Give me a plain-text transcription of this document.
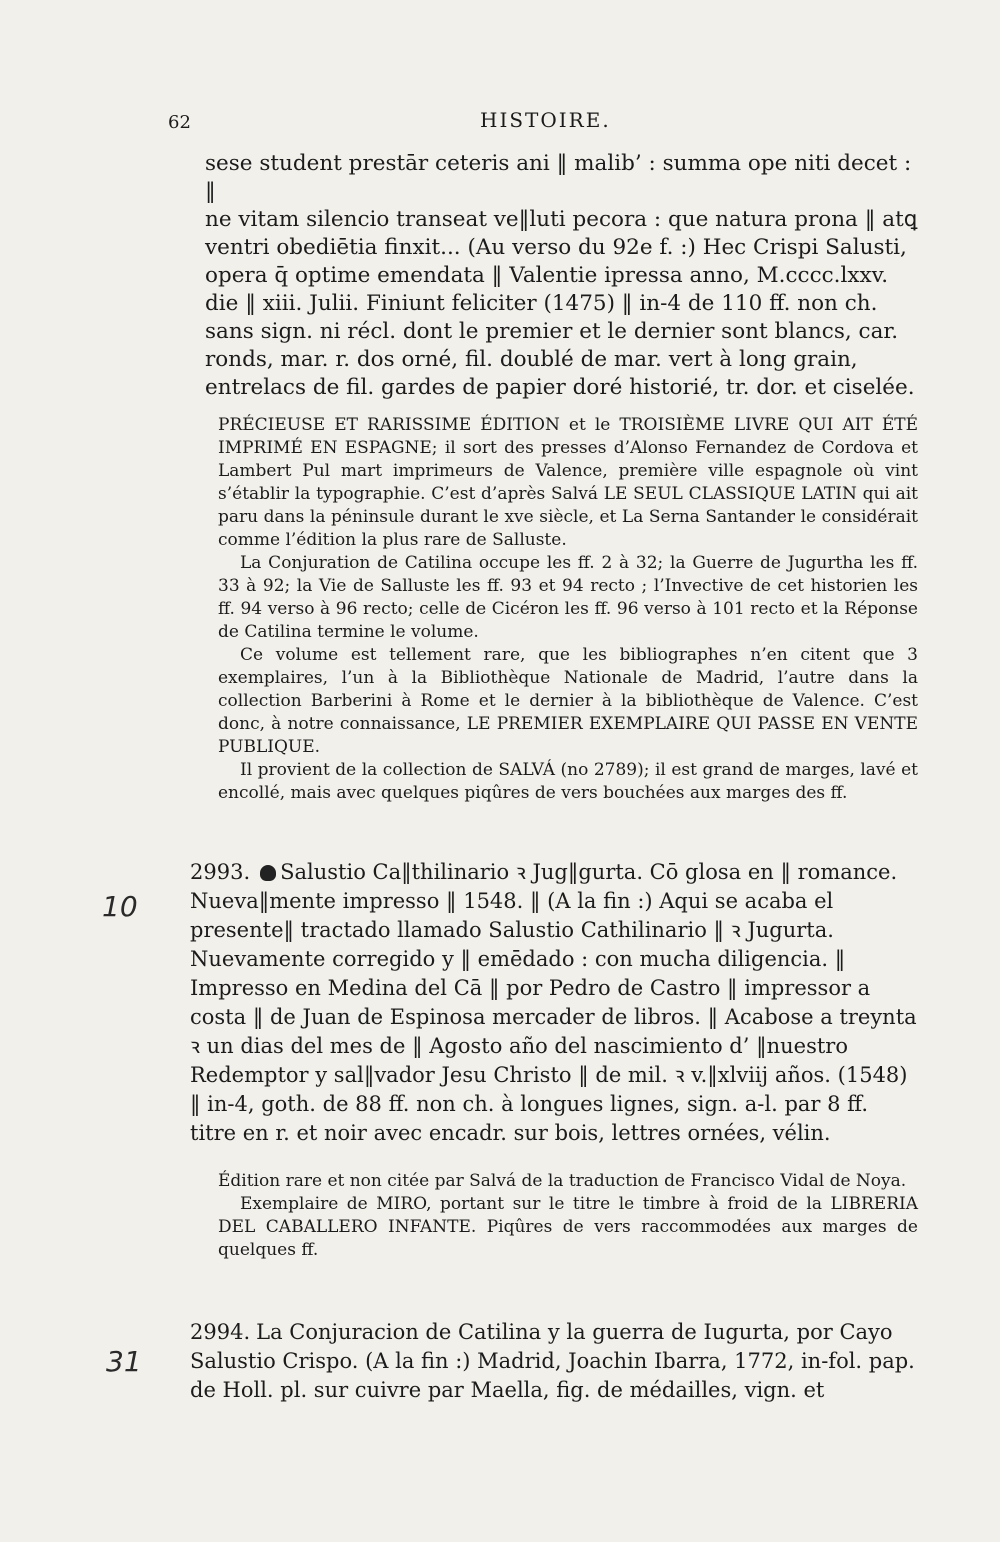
62	HISTOIRE.
sese student prestār ceteris ani ‖ malib’ : summa ope niti decet : ‖
ne vitam silencio transeat ve‖luti pecora : que natura prona ‖ atꝗ
ventri obediētia finxit... (Au verso du 92e f. :) Hec Crispi Salusti,
opera q̄ optime emendata ‖ Valentie ipressa anno, M.cccc.lxxv.
die ‖ xiii. Julii. Finiunt feliciter (1475) ‖ in-4 de 110 ff. non ch.
sans sign. ni récl. dont le premier et le dernier sont blancs, car.
ronds, mar. r. dos orné, fil. doublé de mar. vert à long grain,
entrelacs de fil. gardes de papier doré historié, tr. dor. et ciselée.

PRÉCIEUSE ET RARISSIME ÉDITION et le TROISIÈME LIVRE QUI AIT ÉTÉ IMPRIMÉ EN ESPAGNE; il sort des presses d’Alonso Fernandez de Cordova et Lambert Pul mart imprimeurs de Valence, première ville espagnole où vint s’établir la typographie. C’est d’après Salvá LE SEUL CLASSIQUE LATIN qui ait paru dans la péninsule durant le xve siècle, et La Serna Santander le considérait comme l’édition la plus rare de Salluste.

La Conjuration de Catilina occupe les ff. 2 à 32; la Guerre de Jugurtha les ff. 33 à 92; la Vie de Salluste les ff. 93 et 94 recto ; l’Invective de cet historien les ff. 94 verso à 96 recto; celle de Cicéron les ff. 96 verso à 101 recto et la Réponse de Catilina termine le volume.

Ce volume est tellement rare, que les bibliographes n’en citent que 3 exemplaires, l’un à la Bibliothèque Nationale de Madrid, l’autre dans la collection Barberini à Rome et le dernier à la bibliothèque de Valence. C’est donc, à notre connaissance, LE PREMIER EXEMPLAIRE QUI PASSE EN VENTE PUBLIQUE.

Il provient de la collection de SALVÁ (no 2789); il est grand de marges, lavé et encollé, mais avec quelques piqûres de vers bouchées aux marges des ff.

10
2993. Salustio Ca‖thilinario ꝛ Jug‖gurta. Cō glosa en ‖ romance. Nueva‖mente impresso ‖ 1548. ‖ (A la fin :) Aqui se acaba el presente‖ tractado llamado Salustio Cathilinario ‖ ꝛ Jugurta. Nuevamente corregido y ‖ emēdado : con mucha diligencia. ‖ Impresso en Medina del Cā ‖ por Pedro de Castro ‖ impressor a costa ‖ de Juan de Espinosa mercader de libros. ‖ Acabose a treynta ꝛ un dias del mes de ‖ Agosto año del nascimiento d’ ‖nuestro Redemptor y sal‖vador Jesu Christo ‖ de mil. ꝛ v.‖xlviij años. (1548) ‖ in-4, goth. de 88 ff. non ch. à longues lignes, sign. a-l. par 8 ff. titre en r. et noir avec encadr. sur bois, lettres ornées, vélin.

Édition rare et non citée par Salvá de la traduction de Francisco Vidal de Noya.

Exemplaire de MIRO, portant sur le titre le timbre à froid de la LIBRERIA DEL CABALLERO INFANTE. Piqûres de vers raccommodées aux marges de quelques ff.

31
2994. La Conjuracion de Catilina y la guerra de Iugurta, por Cayo Salustio Crispo. (A la fin :) Madrid, Joachin Ibarra, 1772, in-fol. pap. de Holl. pl. sur cuivre par Maella, fig. de médailles, vign. et
